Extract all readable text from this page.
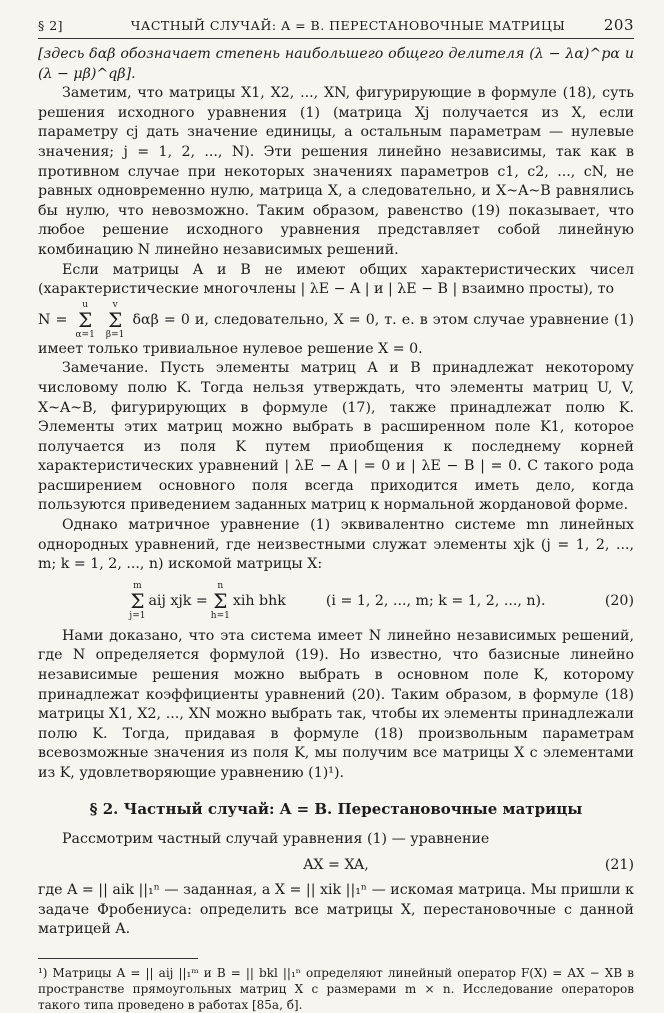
§ 2]	ЧАСТНЫЙ СЛУЧАЙ: A = B. ПЕРЕСТАНОВОЧНЫЕ МАТРИЦЫ	203

[здесь δαβ обозначает степень наибольшего общего делителя (λ − λα)^pα и (λ − μβ)^qβ].

Заметим, что матрицы X1, X2, ..., XN, фигурирующие в формуле (18), суть решения исходного уравнения (1) (матрица Xj получается из X, если параметру cj дать значение единицы, а остальным параметрам — нулевые значения; j = 1, 2, ..., N). Эти решения линейно независимы, так как в противном случае при некоторых значениях параметров c1, c2, ..., cN, не равных одновременно нулю, матрица X, а следовательно, и X~A~B равнялись бы нулю, что невозможно. Таким образом, равенство (19) показывает, что любое решение исходного уравнения представляет собой линейную комбинацию N линейно независимых решений.

Если матрицы A и B не имеют общих характеристических чисел (характеристические многочлены | λE − A | и | λE − B | взаимно просты), то

N =
u
Σ
α=1

v
Σ
β=1
δαβ = 0 и, следовательно, X = 0, т. е. в этом случае уравнение (1) имеет только тривиальное нулевое решение X = 0.

Замечание. Пусть элементы матриц A и B принадлежат некоторому числовому полю K. Тогда нельзя утверждать, что элементы матриц U, V, X~A~B, фигурирующих в формуле (17), также принадлежат полю K. Элементы этих матриц можно выбрать в расширенном поле K1, которое получается из поля K путем приобщения к последнему корней характеристических уравнений | λE − A | = 0 и | λE − B | = 0. С такого рода расширением основного поля всегда приходится иметь дело, когда пользуются приведением заданных матриц к нормальной жордановой форме.

Однако матричное уравнение (1) эквивалентно системе mn линейных однородных уравнений, где неизвестными служат элементы xjk (j = 1, 2, ..., m; k = 1, 2, ..., n) искомой матрицы X:

m
Σ
j=1
aij xjk =
n
Σ
h=1
xih bhk	(i = 1, 2, ..., m; k = 1, 2, ..., n).	(20)

Нами доказано, что эта система имеет N линейно независимых решений, где N определяется формулой (19). Но известно, что базисные линейно независимые решения можно выбрать в основном поле K, которому принадлежат коэффициенты уравнений (20). Таким образом, в формуле (18) матрицы X1, X2, ..., XN можно выбрать так, чтобы их элементы принадлежали полю K. Тогда, придавая в формуле (18) произвольным параметрам всевозможные значения из поля K, мы получим все матрицы X с элементами из K, удовлетворяющие уравнению (1)¹).

§ 2. Частный случай: A = B. Перестановочные матрицы

Рассмотрим частный случай уравнения (1) — уравнение

AX = XA,	(21)

где A = || aik ||₁ⁿ — заданная, а X = || xik ||₁ⁿ — искомая матрица. Мы пришли к задаче Фробениуса: определить все матрицы X, перестановочные с данной матрицей A.

¹) Матрицы A = || aij ||₁ᵐ и B = || bkl ||₁ⁿ определяют линейный оператор F(X) = AX − XB в пространстве прямоугольных матриц X с размерами m × n. Исследование операторов такого типа проведено в работах [85а, б].
